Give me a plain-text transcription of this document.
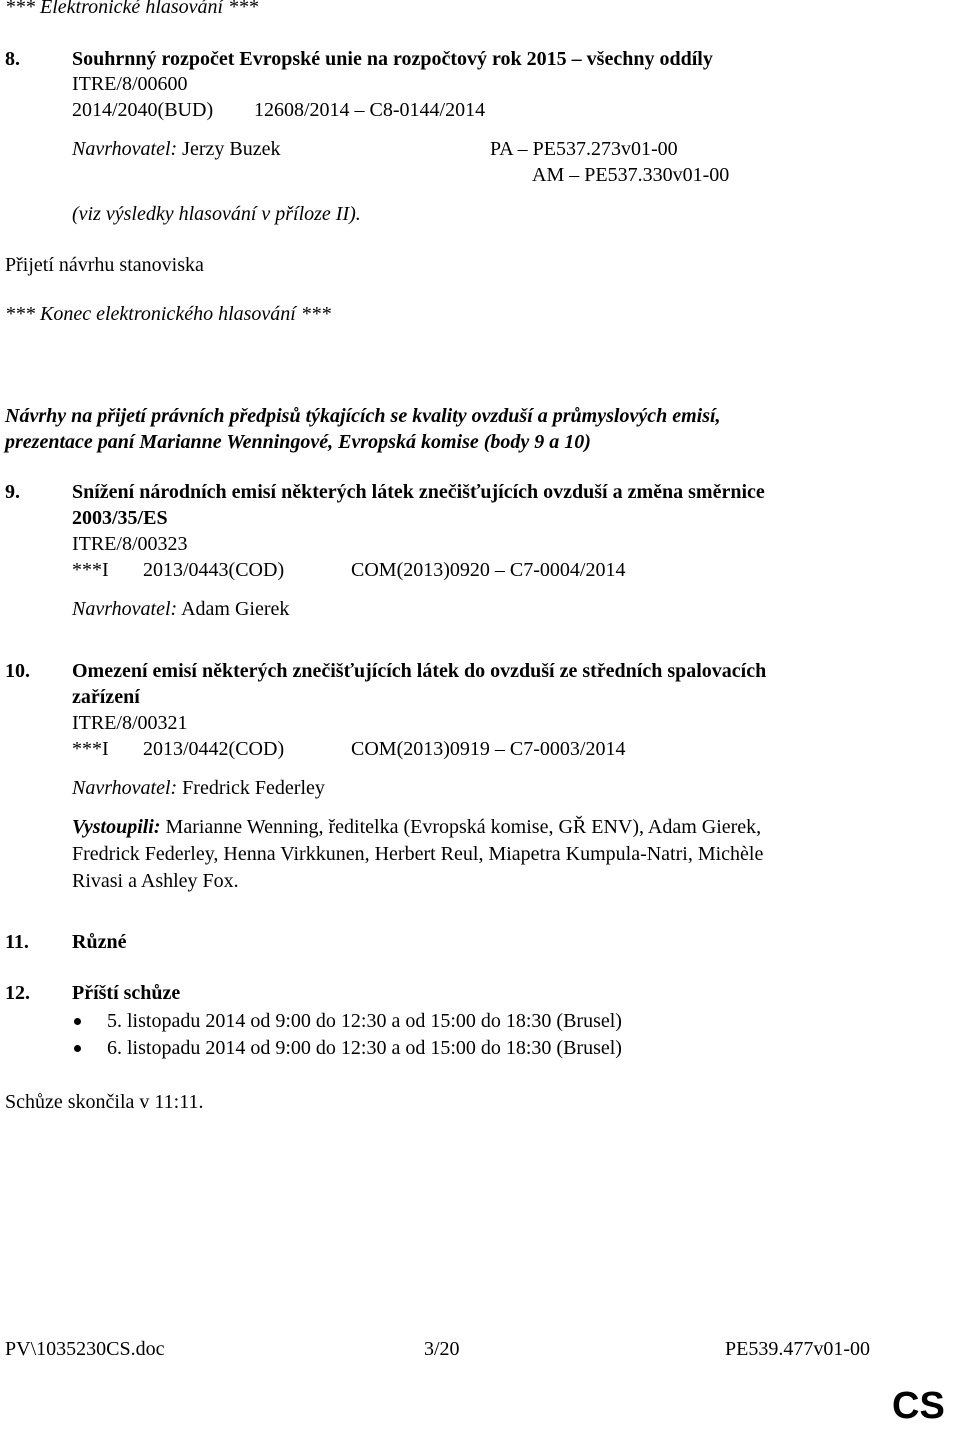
*** Elektronické hlasování ***
8.	Souhrnný rozpočet Evropské unie na rozpočtový rok 2015 – všechny oddíly
ITRE/8/00600
2014/2040(BUD) 12608/2014 – C8-0144/2014
Navrhovatel: Jerzy Buzek	PA – PE537.273v01-00
AM – PE537.330v01-00
(viz výsledky hlasování v příloze II).
Přijetí návrhu stanoviska
*** Konec elektronického hlasování ***
Návrhy na přijetí právních předpisů týkajících se kvality ovzduší a průmyslových emisí,
prezentace paní Marianne Wenningové, Evropská komise (body 9 a 10)
9.	Snížení národních emisí některých látek znečišťujících ovzduší a změna směrnice
2003/35/ES
ITRE/8/00323
***I 2013/0443(COD)	COM(2013)0920 – C7-0004/2014
Navrhovatel: Adam Gierek
10. Omezení emisí některých znečišťujících látek do ovzduší ze středních spalovacích
zařízení
ITRE/8/00321
***I 2013/0442(COD)	COM(2013)0919 – C7-0003/2014
Navrhovatel: Fredrick Federley
Vystoupili: Marianne Wenning, ředitelka (Evropská komise, GŘ ENV), Adam Gierek,
Fredrick Federley, Henna Virkkunen, Herbert Reul, Miapetra Kumpula-Natri, Michèle
Rivasi a Ashley Fox.
11. Různé
12. Příští schůze
5. listopadu 2014 od 9:00 do 12:30 a od 15:00 do 18:30 (Brusel)
6. listopadu 2014 od 9:00 do 12:30 a od 15:00 do 18:30 (Brusel)
Schůze skončila v 11:11.
PV\1035230CS.doc	3/20	PE539.477v01-00
CS
